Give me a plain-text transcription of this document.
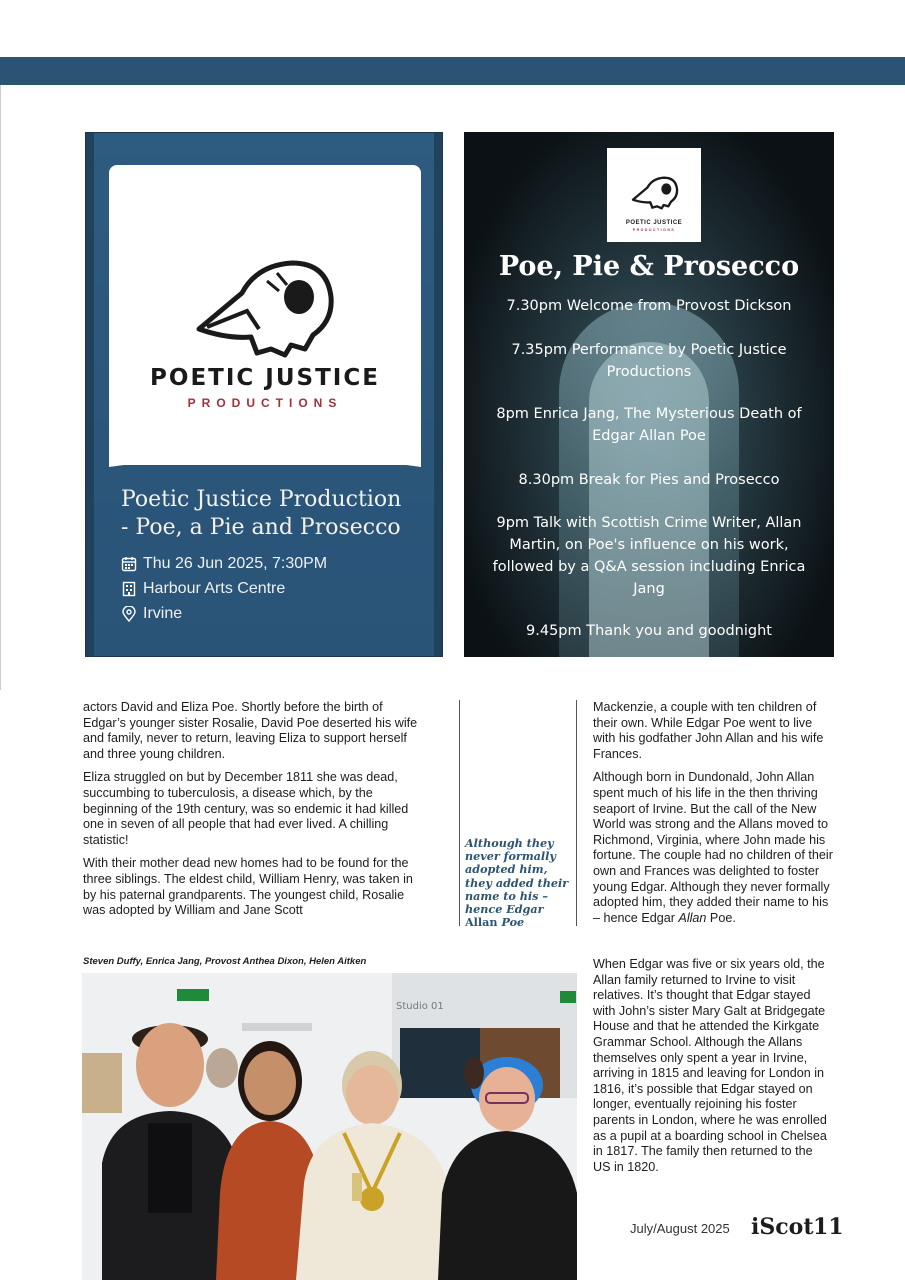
POETIC JUSTICE
PRODUCTIONS
Poetic Justice Production
- Poe, a Pie and Prosecco
Thu 26 Jun 2025, 7:30PM
Harbour Arts Centre
Irvine
POETIC JUSTICE
PRODUCTIONS
Poe, Pie & Prosecco
7.30pm Welcome from Provost Dickson
7.35pm Performance by Poetic Justice Productions
8pm Enrica Jang, The Mysterious Death of Edgar Allan Poe
8.30pm Break for Pies and Prosecco
9pm Talk with Scottish Crime Writer, Allan Martin, on Poe's influence on his work, followed by a Q&A session including Enrica Jang
9.45pm Thank you and goodnight

actors David and Eliza Poe. Shortly before the birth of Edgar’s younger sister Rosalie, David Poe deserted his wife and family, never to return, leaving Eliza to support herself and three young children.

Eliza struggled on but by December 1811 she was dead, succumbing to tuberculosis, a disease which, by the beginning of the 19th century, was so endemic it had killed one in seven of all people that had ever lived. A chilling statistic!

With their mother dead new homes had to be found for the three siblings. The eldest child, William Henry, was taken in by his paternal grandparents. The youngest child, Rosalie was adopted by William and Jane Scott

Although they never formally adopted him, they added their name to his – hence Edgar Allan Poe

Mackenzie, a couple with ten children of their own. While Edgar Poe went to live with his godfather John Allan and his wife Frances.

Although born in Dundonald, John Allan spent much of his life in the then thriving seaport of Irvine. But the call of the New World was strong and the Allans moved to Richmond, Virginia, where John made his fortune. The couple had no children of their own and Frances was delighted to foster young Edgar. Although they never formally adopted him, they added their name to his – hence Edgar Allan Poe.

When Edgar was five or six years old, the Allan family returned to Irvine to visit relatives. It’s thought that Edgar stayed with John’s sister Mary Galt at Bridgegate House and that he attended the Kirkgate Grammar School. Although the Allans themselves only spent a year in Irvine, arriving in 1815 and leaving for London in 1816, it’s possible that Edgar stayed on longer, eventually rejoining his foster parents in London, where he was enrolled as a pupil at a boarding school in Chelsea in 1817. The family then returned to the US in 1820.

Steven Duffy, Enrica Jang, Provost Anthea Dixon, Helen Aitken
Studio 01
July/August 2025 iScot 11
